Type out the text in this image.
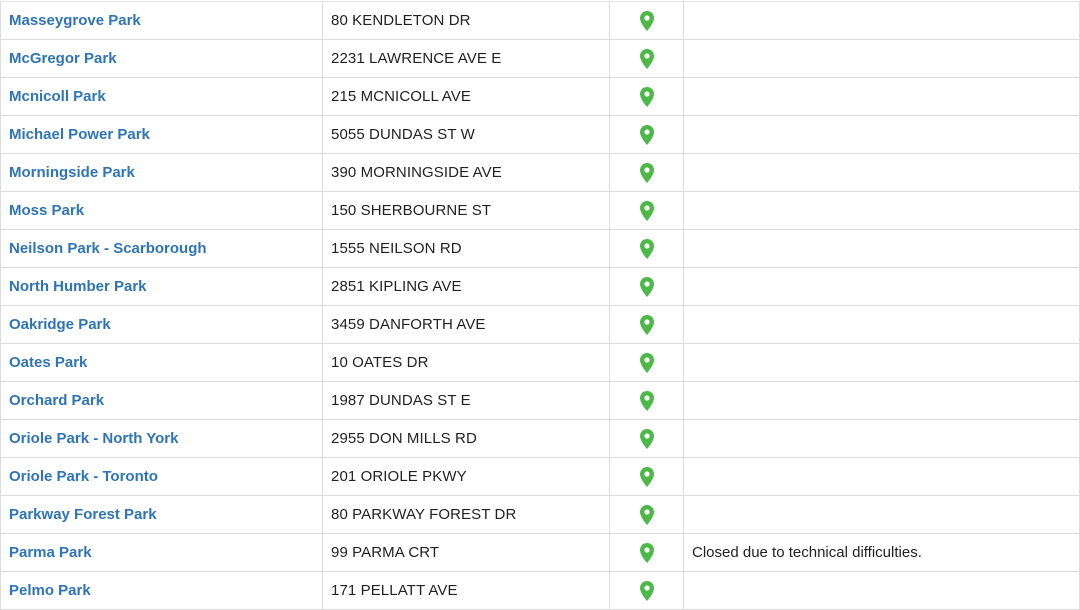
Masseygrove Park	80 KENDLETON DR		
McGregor Park	2231 LAWRENCE AVE E		
Mcnicoll Park	215 MCNICOLL AVE		
Michael Power Park	5055 DUNDAS ST W		
Morningside Park	390 MORNINGSIDE AVE		
Moss Park	150 SHERBOURNE ST		
Neilson Park - Scarborough	1555 NEILSON RD		
North Humber Park	2851 KIPLING AVE		
Oakridge Park	3459 DANFORTH AVE		
Oates Park	10 OATES DR		
Orchard Park	1987 DUNDAS ST E		
Oriole Park - North York	2955 DON MILLS RD		
Oriole Park - Toronto	201 ORIOLE PKWY		
Parkway Forest Park	80 PARKWAY FOREST DR		
Parma Park	99 PARMA CRT		Closed due to technical difficulties.
Pelmo Park	171 PELLATT AVE		
